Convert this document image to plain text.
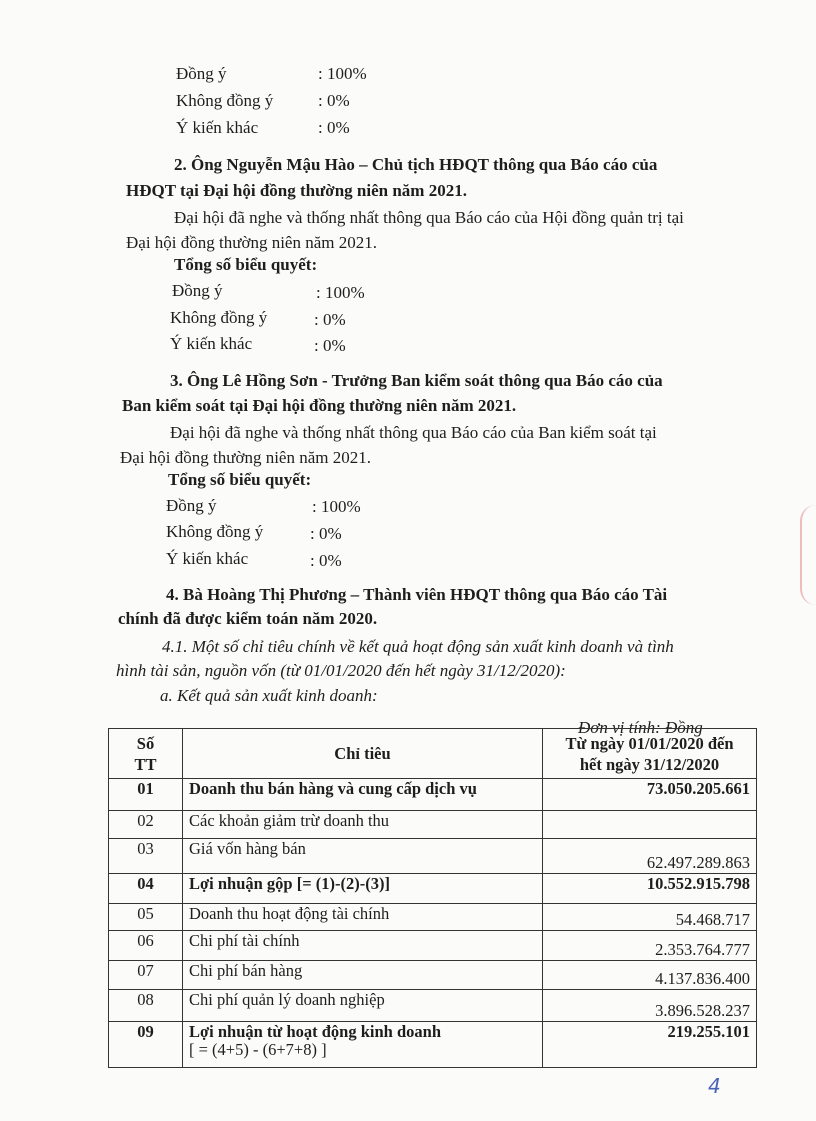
Đồng ý	: 100%
Không đồng ý	: 0%
Ý kiến khác	: 0%
2. Ông Nguyễn Mậu Hào – Chủ tịch HĐQT thông qua Báo cáo của
HĐQT tại Đại hội đồng thường niên năm 2021.
Đại hội đã nghe và thống nhất thông qua Báo cáo của Hội đồng quản trị tại
Đại hội đồng thường niên năm 2021.
Tổng số biểu quyết:
Đồng ý	: 100%
Không đồng ý	: 0%
Ý kiến khác	: 0%
3. Ông Lê Hồng Sơn - Trưởng Ban kiểm soát thông qua Báo cáo của
Ban kiểm soát tại Đại hội đồng thường niên năm 2021.
Đại hội đã nghe và thống nhất thông qua Báo cáo của Ban kiểm soát tại
Đại hội đồng thường niên năm 2021.
Tổng số biểu quyết:
Đồng ý	: 100%
Không đồng ý	: 0%
Ý kiến khác	: 0%
4. Bà Hoàng Thị Phương – Thành viên HĐQT thông qua Báo cáo Tài
chính đã được kiểm toán năm 2020.
4.1. Một số chỉ tiêu chính về kết quả hoạt động sản xuất kinh doanh và tình
hình tài sản, nguồn vốn (từ 01/01/2020 đến hết ngày 31/12/2020):
a. Kết quả sản xuất kinh doanh:
Đơn vị tính: Đồng
Số
TT	Chỉ tiêu	Từ ngày 01/01/2020 đến
hết ngày 31/12/2020
01	Doanh thu bán hàng và cung cấp dịch vụ	73.050.205.661
02	Các khoản giảm trừ doanh thu	
03	Giá vốn hàng bán	62.497.289.863
04	Lợi nhuận gộp [= (1)-(2)-(3)]	10.552.915.798
05	Doanh thu hoạt động tài chính	54.468.717
06	Chi phí tài chính	2.353.764.777
07	Chi phí bán hàng	4.137.836.400
08	Chi phí quản lý doanh nghiệp	3.896.528.237
09	Lợi nhuận từ hoạt động kinh doanh
[ = (4+5) - (6+7+8) ]	219.255.101
4
